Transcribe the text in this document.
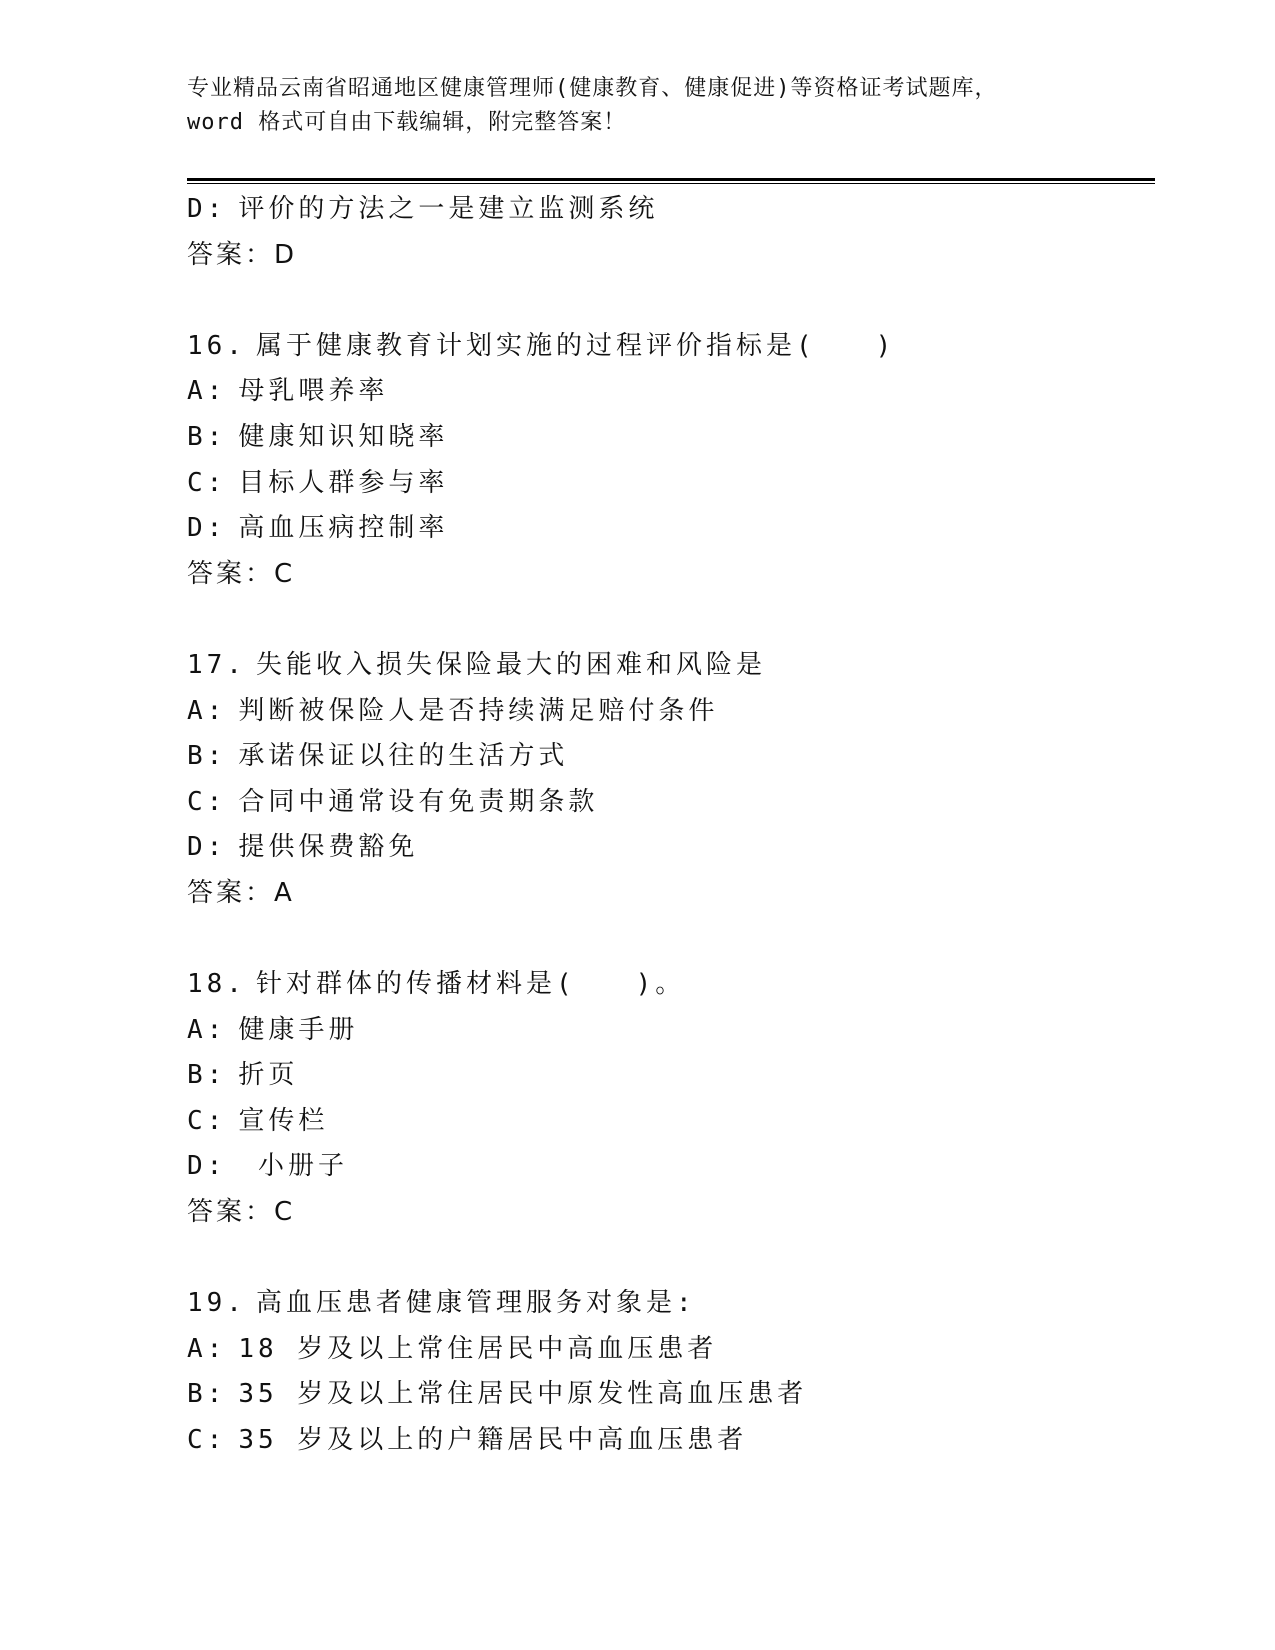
专业精品云南省昭通地区健康管理师(健康教育、健康促进)等资格证考试题库，
word 格式可自由下载编辑，附完整答案！
D: 评价的方法之一是建立监测系统
答案：D
16. 属于健康教育计划实施的过程评价指标是(　　)
A: 母乳喂养率
B: 健康知识知晓率
C: 目标人群参与率
D: 高血压病控制率
答案：C
17. 失能收入损失保险最大的困难和风险是
A: 判断被保险人是否持续满足赔付条件
B: 承诺保证以往的生活方式
C: 合同中通常设有免责期条款
D: 提供保费豁免
答案：A
18. 针对群体的传播材料是(　　)。
A: 健康手册
B: 折页
C: 宣传栏
D: 小册子
答案：C
19. 高血压患者健康管理服务对象是:
A: 18 岁及以上常住居民中高血压患者
B: 35 岁及以上常住居民中原发性高血压患者
C: 35 岁及以上的户籍居民中高血压患者
